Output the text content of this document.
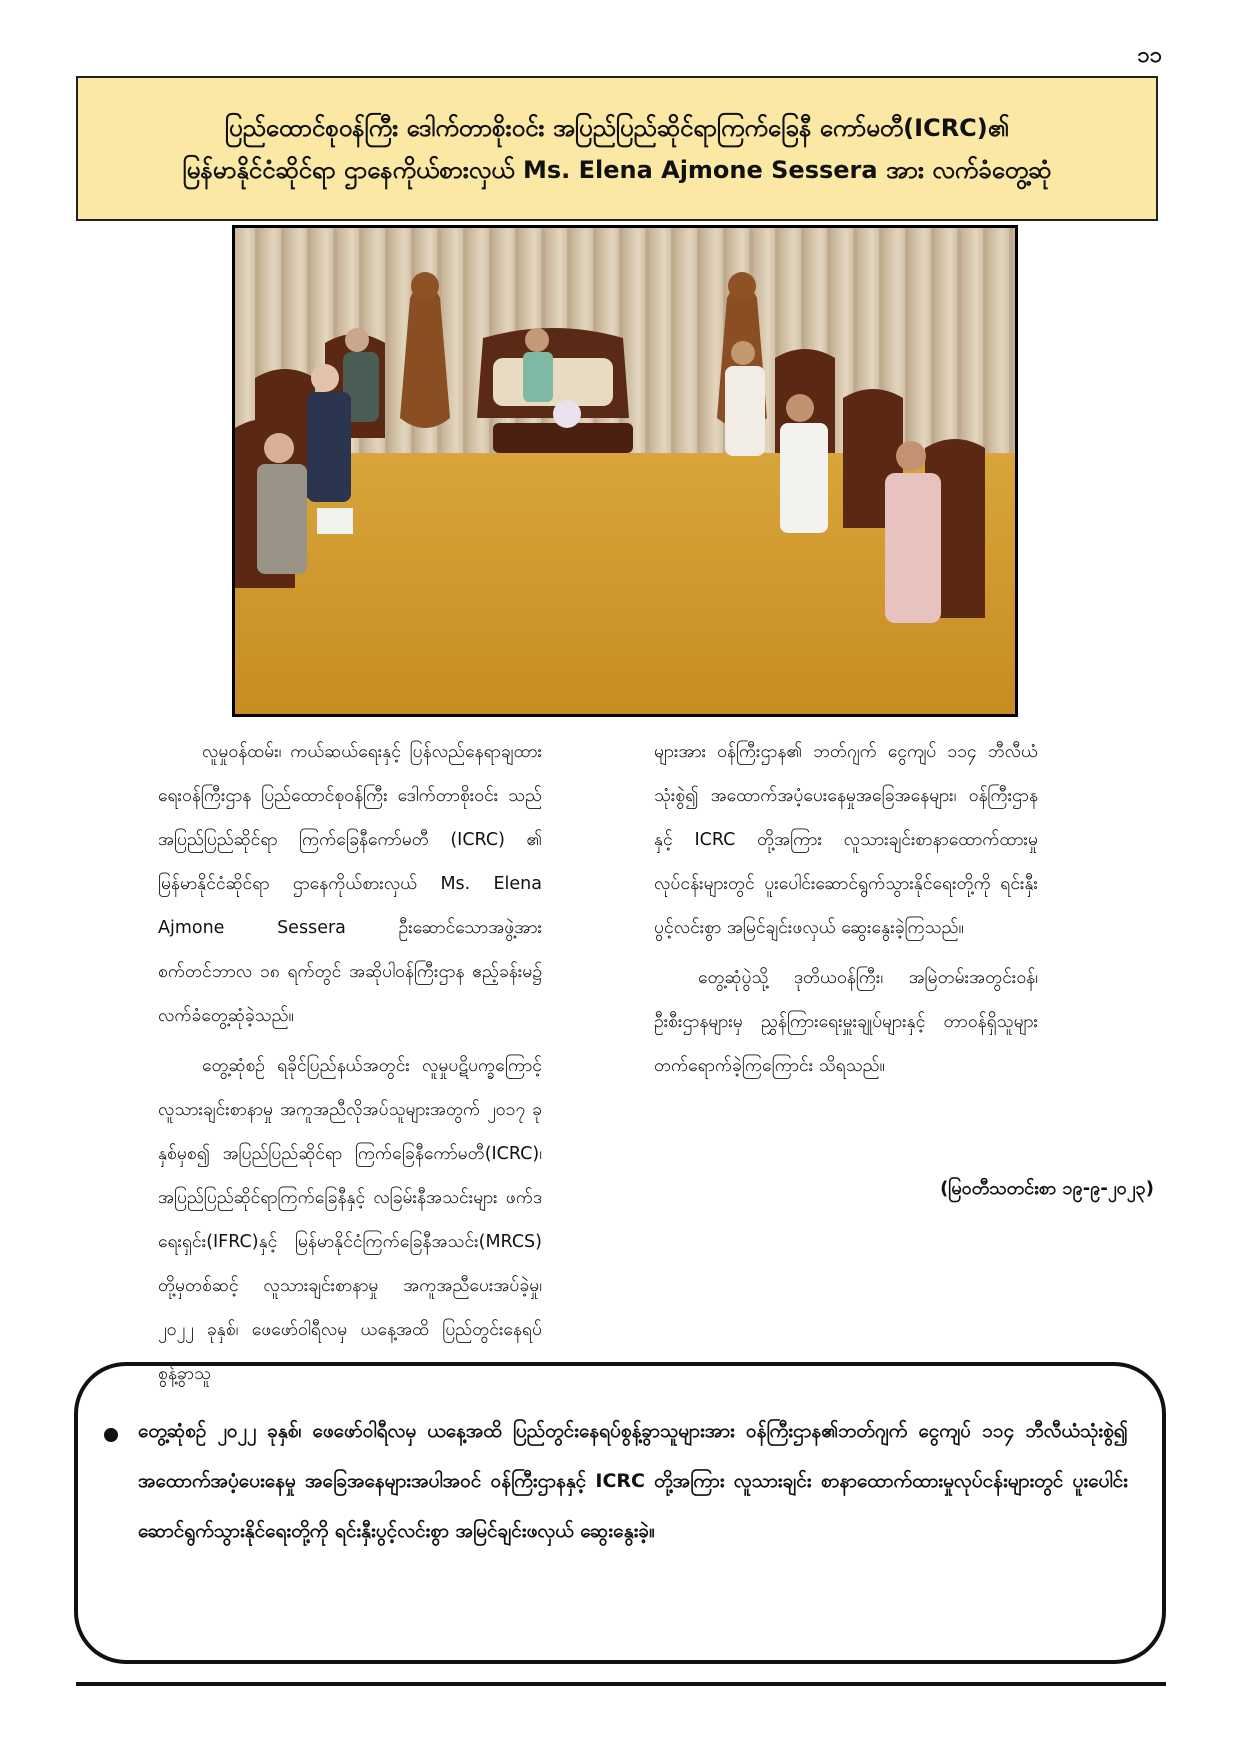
၁၁
ပြည်ထောင်စုဝန်ကြီး ဒေါက်တာစိုးဝင်း အပြည်ပြည်ဆိုင်ရာကြက်ခြေနီ ကော်မတီ(ICRC)၏
မြန်မာနိုင်ငံဆိုင်ရာ ဌာနေကိုယ်စားလှယ် Ms. Elena Ajmone Sessera အား လက်ခံတွေ့ဆုံ

လူမှုဝန်ထမ်း၊ ကယ်ဆယ်ရေးနှင့် ပြန်လည်နေရာချထားရေးဝန်ကြီးဌာန ပြည်ထောင်စုဝန်ကြီး ဒေါက်တာစိုးဝင်း သည် အပြည်ပြည်ဆိုင်ရာ ကြက်ခြေနီကော်မတီ (ICRC) ၏ မြန်မာနိုင်ငံဆိုင်ရာ ဌာနေကိုယ်စားလှယ် Ms. Elena Ajmone Sessera ဦးဆောင်သောအဖွဲ့အား စက်တင်ဘာလ ၁၈ ရက်တွင် အဆိုပါဝန်ကြီးဌာန ဧည့်ခန်းမ၌ လက်ခံတွေ့ဆုံခဲ့သည်။

တွေ့ဆုံစဉ် ရခိုင်ပြည်နယ်အတွင်း လူမှုပဋိပက္ခကြောင့် လူသားချင်းစာနာမှု အကူအညီလိုအပ်သူများအတွက် ၂၀၁၇ ခုနှစ်မှစ၍ အပြည်ပြည်ဆိုင်ရာ ကြက်ခြေနီကော်မတီ(ICRC)၊ အပြည်ပြည်ဆိုင်ရာကြက်ခြေနီနှင့် လခြမ်းနီအသင်းများ ဖက်ဒရေးရှင်း(IFRC)နှင့် မြန်မာနိုင်ငံကြက်ခြေနီအသင်း(MRCS) တို့မှတစ်ဆင့် လူသားချင်းစာနာမှု အကူအညီပေးအပ်ခဲ့မှု၊ ၂၀၂၂ ခုနှစ်၊ ဖေဖော်ဝါရီလမှ ယနေ့အထိ ပြည်တွင်းနေရပ်စွန့်ခွာသူ

များအား ဝန်ကြီးဌာန၏ ဘတ်ဂျက် ငွေကျပ် ၁၁၄ ဘီလီယံ သုံးစွဲ၍ အထောက်အပံ့ပေးနေမှုအခြေအနေများ၊ ဝန်ကြီးဌာန နှင့် ICRC တို့အကြား လူသားချင်းစာနာထောက်ထားမှုလုပ်ငန်းများတွင် ပူးပေါင်းဆောင်ရွက်သွားနိုင်ရေးတို့ကို ရင်းနှီးပွင့်လင်းစွာ အမြင်ချင်းဖလှယ် ဆွေးနွေးခဲ့ကြသည်။

တွေ့ဆုံပွဲသို့ ဒုတိယဝန်ကြီး၊ အမြဲတမ်းအတွင်းဝန်၊ ဦးစီးဌာနများမှ ညွှန်ကြားရေးမှူးချုပ်များနှင့် တာဝန်ရှိသူများ တက်ရောက်ခဲ့ကြကြောင်း သိရသည်။

(မြဝတီသတင်းစာ ၁၉-၉-၂၀၂၃)
တွေ့ဆုံစဉ် ၂၀၂၂ ခုနှစ်၊ ဖေဖော်ဝါရီလမှ ယနေ့အထိ ပြည်တွင်းနေရပ်စွန့်ခွာသူများအား ဝန်ကြီးဌာန၏ဘတ်ဂျက် ငွေကျပ် ၁၁၄ ဘီလီယံသုံးစွဲ၍ အထောက်အပံ့ပေးနေမှု အခြေအနေများအပါအဝင် ဝန်ကြီးဌာနနှင့် ICRC တို့အကြား လူသားချင်း စာနာထောက်ထားမှုလုပ်ငန်းများတွင် ပူးပေါင်းဆောင်ရွက်သွားနိုင်ရေးတို့ကို ရင်းနှီးပွင့်လင်းစွာ အမြင်ချင်းဖလှယ် ဆွေးနွေးခဲ့။
